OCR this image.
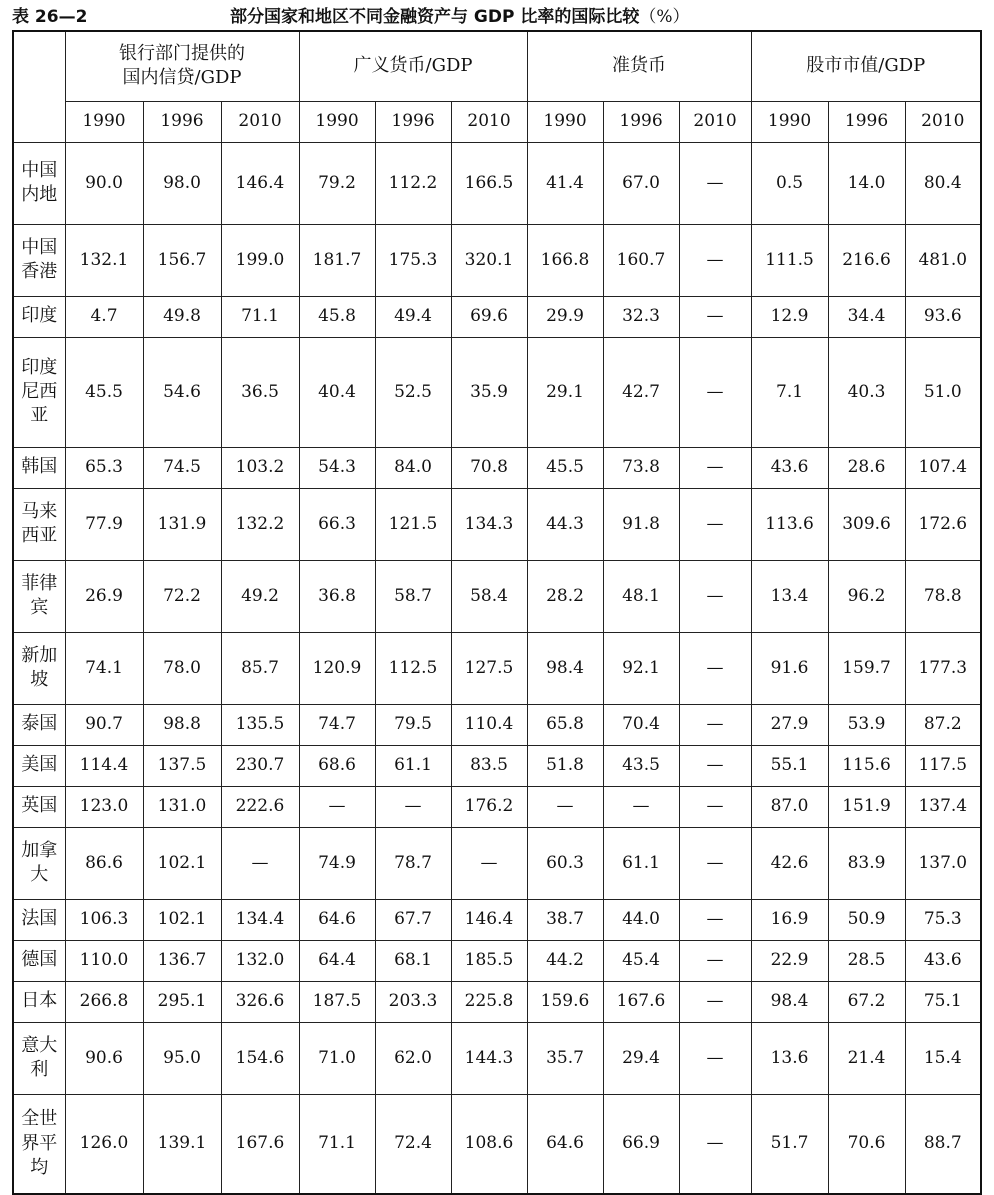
表 26—2	部分国家和地区不同金融资产与 GDP 比率的国际比较（%）
	银行部门提供的
国内信贷/GDP			广义货币/GDP			准货币			股市市值/GDP		
	1990	1996	2010	1990	1996	2010	1990	1996	2010	1990	1996	2010
中国内地	90.0	98.0	146.4	79.2	112.2	166.5	41.4	67.0	—	0.5	14.0	80.4
中国香港	132.1	156.7	199.0	181.7	175.3	320.1	166.8	160.7	—	111.5	216.6	481.0
印度	4.7	49.8	71.1	45.8	49.4	69.6	29.9	32.3	—	12.9	34.4	93.6
印度尼西亚	45.5	54.6	36.5	40.4	52.5	35.9	29.1	42.7	—	7.1	40.3	51.0
韩国	65.3	74.5	103.2	54.3	84.0	70.8	45.5	73.8	—	43.6	28.6	107.4
马来西亚	77.9	131.9	132.2	66.3	121.5	134.3	44.3	91.8	—	113.6	309.6	172.6
菲律宾	26.9	72.2	49.2	36.8	58.7	58.4	28.2	48.1	—	13.4	96.2	78.8
新加坡	74.1	78.0	85.7	120.9	112.5	127.5	98.4	92.1	—	91.6	159.7	177.3
泰国	90.7	98.8	135.5	74.7	79.5	110.4	65.8	70.4	—	27.9	53.9	87.2
美国	114.4	137.5	230.7	68.6	61.1	83.5	51.8	43.5	—	55.1	115.6	117.5
英国	123.0	131.0	222.6	—	—	176.2	—	—	—	87.0	151.9	137.4
加拿大	86.6	102.1	—	74.9	78.7	—	60.3	61.1	—	42.6	83.9	137.0
法国	106.3	102.1	134.4	64.6	67.7	146.4	38.7	44.0	—	16.9	50.9	75.3
德国	110.0	136.7	132.0	64.4	68.1	185.5	44.2	45.4	—	22.9	28.5	43.6
日本	266.8	295.1	326.6	187.5	203.3	225.8	159.6	167.6	—	98.4	67.2	75.1
意大利	90.6	95.0	154.6	71.0	62.0	144.3	35.7	29.4	—	13.6	21.4	15.4
全世界平均	126.0	139.1	167.6	71.1	72.4	108.6	64.6	66.9	—	51.7	70.6	88.7
